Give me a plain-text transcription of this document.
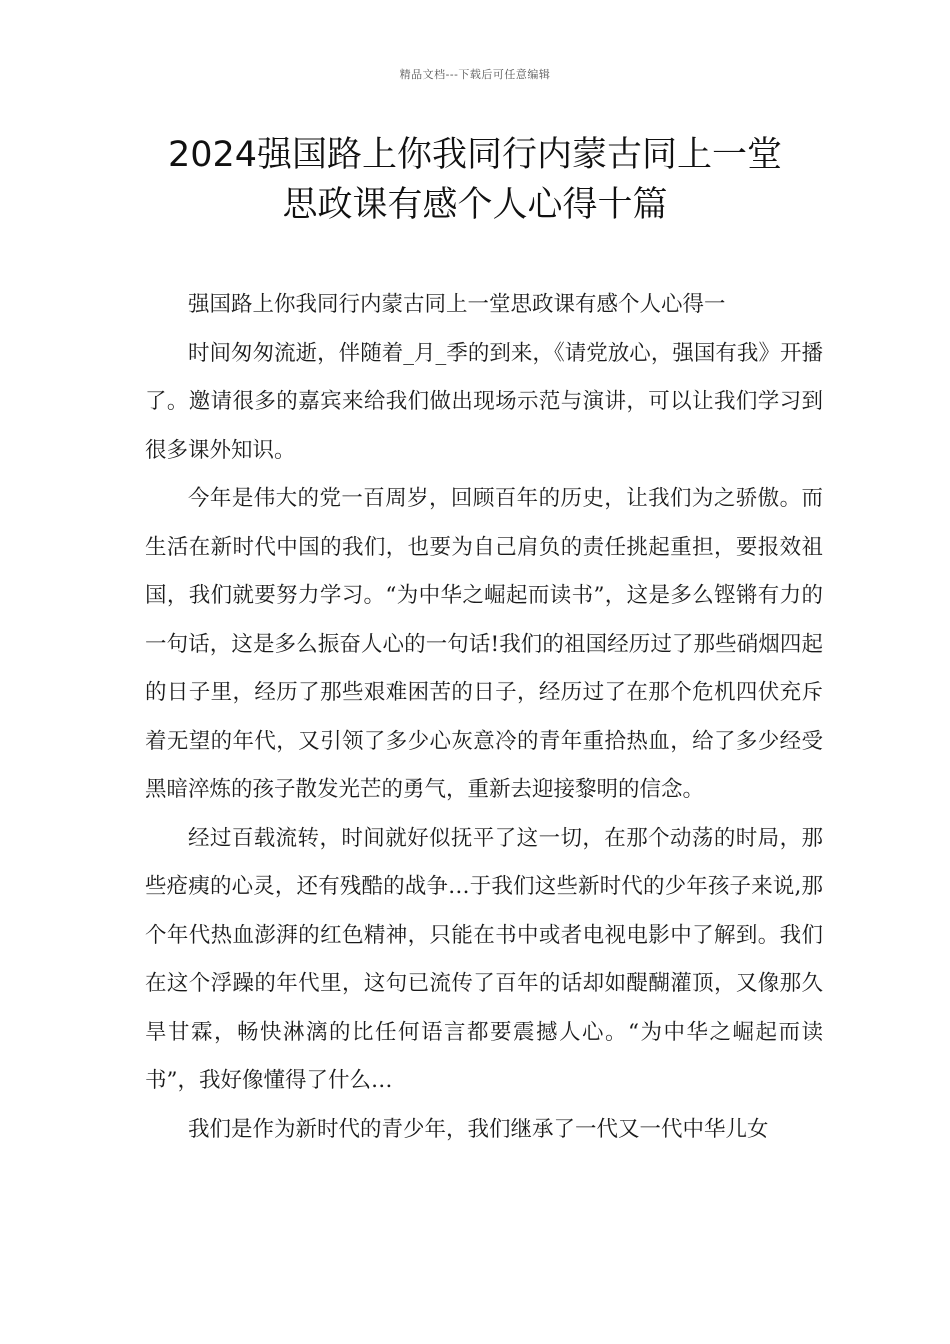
精品文档---下载后可任意编辑
2024强国路上你我同行内蒙古同上一堂
思政课有感个人心得十篇

强国路上你我同行内蒙古同上一堂思政课有感个人心得一

时间匆匆流逝，伴随着_月_季的到来，《请党放心，强国有我》开播了。邀请很多的嘉宾来给我们做出现场示范与演讲，可以让我们学习到很多课外知识。

今年是伟大的党一百周岁，回顾百年的历史，让我们为之骄傲。而生活在新时代中国的我们，也要为自己肩负的责任挑起重担，要报效祖国，我们就要努力学习。“为中华之崛起而读书”，这是多么铿锵有力的一句话，这是多么振奋人心的一句话!我们的祖国经历过了那些硝烟四起的日子里，经历了那些艰难困苦的日子，经历过了在那个危机四伏充斥着无望的年代，又引领了多少心灰意冷的青年重拾热血，给了多少经受黑暗淬炼的孩子散发光芒的勇气，重新去迎接黎明的信念。

经过百载流转，时间就好似抚平了这一切，在那个动荡的时局，那些疮痍的心灵，还有残酷的战争…于我们这些新时代的少年孩子来说,那个年代热血澎湃的红色精神，只能在书中或者电视电影中了解到。我们在这个浮躁的年代里，这句已流传了百年的话却如醍醐灌顶，又像那久旱甘霖，畅快淋漓的比任何语言都要震撼人心。“为中华之崛起而读书”，我好像懂得了什么…

我们是作为新时代的青少年，我们继承了一代又一代中华儿女
